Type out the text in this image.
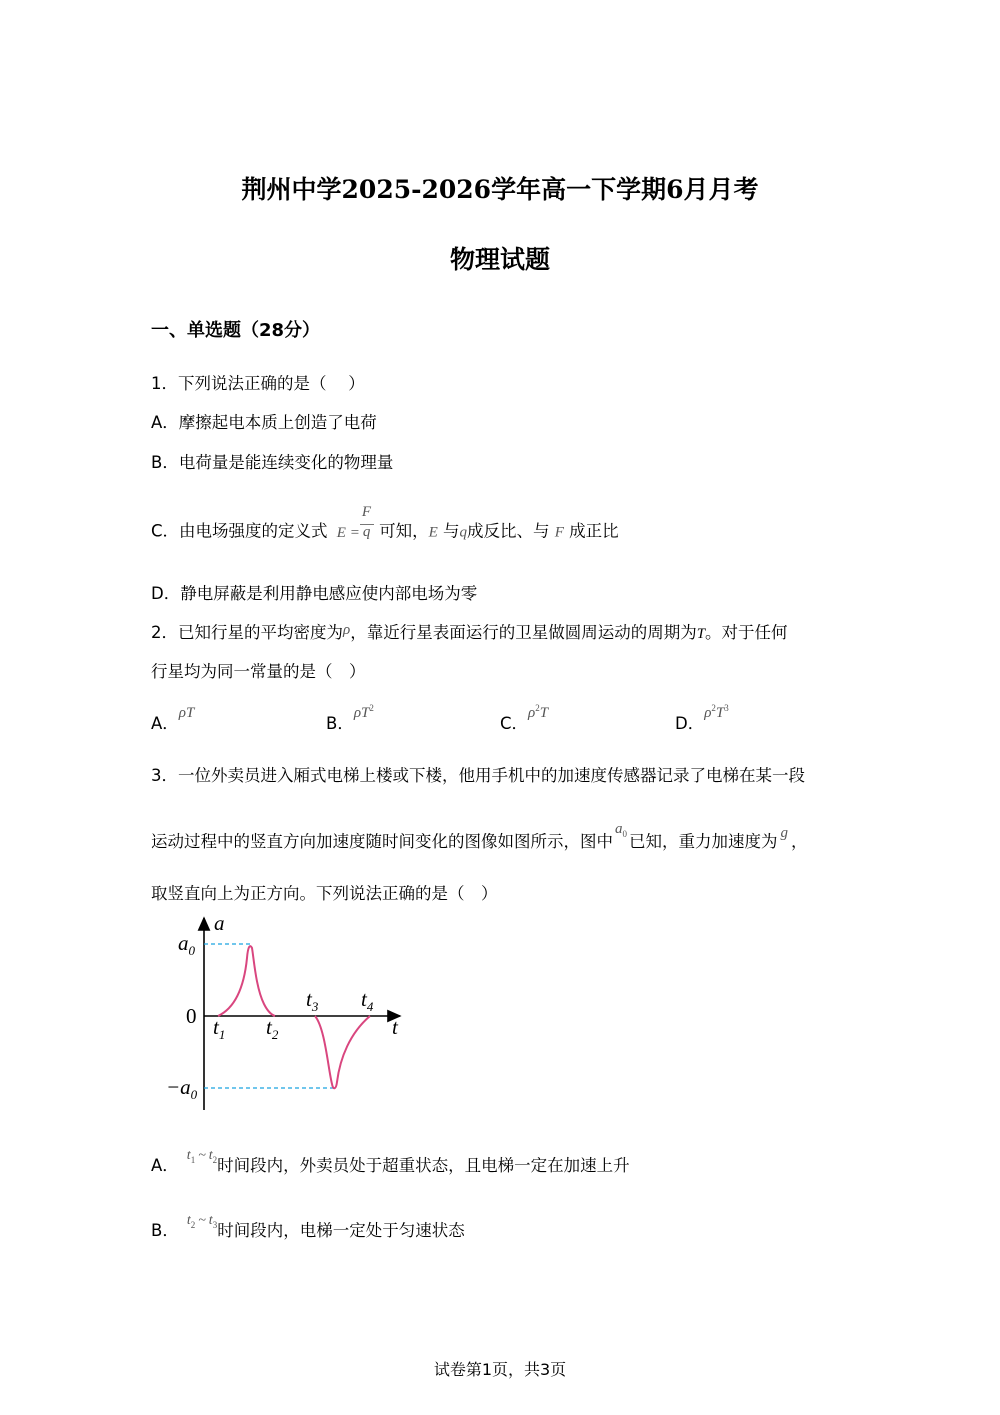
荆州中学2025-2026学年高一下学期6月月考
物理试题
一、单选题（28分）
1．下列说法正确的是（　 ）
A．摩擦起电本质上创造了电荷
B．电荷量是能连续变化的物理量
C．由电场强度的定义式 $E = \frac{F}{q}$ 可知，E 与q成反比、与 F 成正比
D．静电屏蔽是利用静电感应使内部电场为零
2．已知行星的平均密度为ρ，靠近行星表面运行的卫星做圆周运动的周期为T。对于任何
行星均为同一常量的是（　）
A．ρT
B．$\rho T^2$
C．$\rho^2T$
D．$\rho^2T^3$
3．一位外卖员进入厢式电梯上楼或下楼，他用手机中的加速度传感器记录了电梯在某一段
运动过程中的竖直方向加速度随时间变化的图像如图所示，图中$a_0$ 已知，重力加速度为 g ，
取竖直向上为正方向。下列说法正确的是（　）
a
t
$a_0$
0
$-a_0$
$t_1$ $t_2$
$t_3$ $t_4$
A．$^{t_1 \sim t_2}$时间段内，外卖员处于超重状态，且电梯一定在加速上升
B．$^{t_2 \sim t_3}$时间段内，电梯一定处于匀速状态
试卷第1页，共3页
